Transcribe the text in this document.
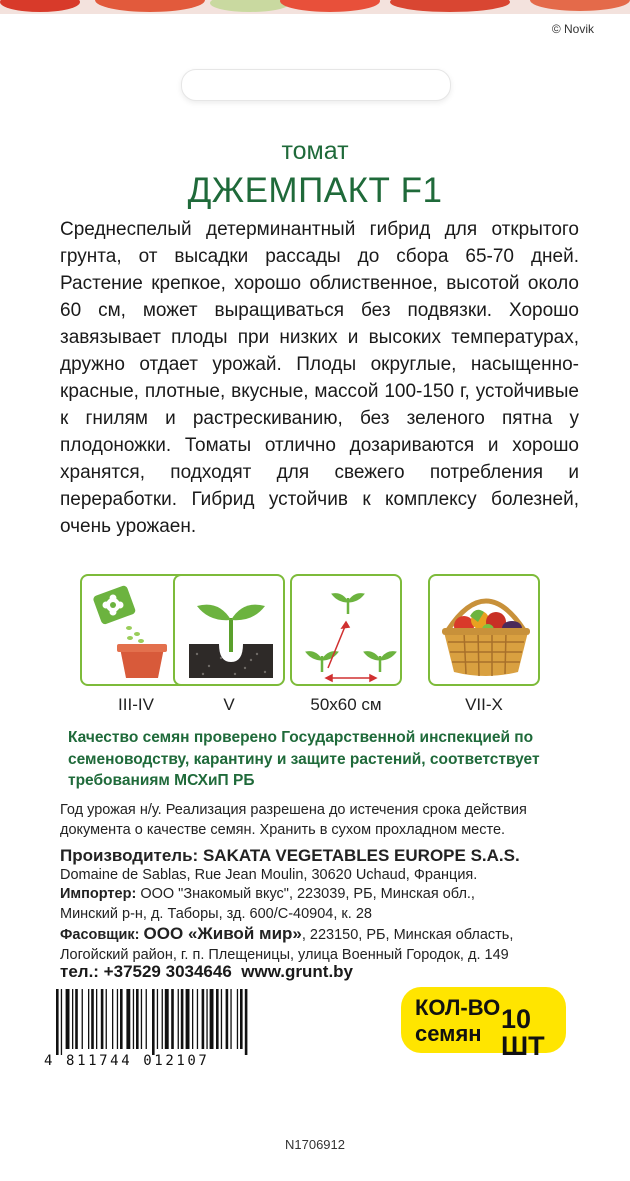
© Novik
томат
ДЖЕМПАКТ F1
Среднеспелый детерминантный гибрид для открытого грунта, от высадки рассады до сбора 65-70 дней. Растение крепкое, хорошо облиственное, высотой около 60 см, может выращиваться без подвязки. Хорошо завязывает плоды при низких и высоких температурах, дружно отдает урожай. Плоды округлые, насыщенно-красные, плотные, вкусные, массой 100-150 г, устойчивые к гнилям и растрескиванию, без зеленого пятна у плодоножки. Томаты отлично дозариваются и хорошо хранятся, подходят для свежего потребления и переработки. Гибрид устойчив к комплексу болезней, очень урожаен.
III-IV	V	50х60 см	VII-X
Качество семян проверено Государственной инспекцией по семеноводству, карантину и защите растений, соответствует требованиям МСХиП РБ
Год урожая н/у. Реализация разрешена до истечения срока действия документа о качестве семян. Хранить в сухом прохладном месте.
Производитель: SAKATA VEGETABLES EUROPE S.A.S.
Domaine de Sablas, Rue Jean Moulin, 30620 Uchaud, Франция.
Импортер: ООО "Знакомый вкус", 223039, РБ, Минская обл.,
Минский р-н, д. Таборы, зд. 600/С-40904, к. 28
Фасовщик: ООО «Живой мир», 223150, РБ, Минская область,
Логойский район, г. п. Плещеницы, улица Военный Городок, д. 149
тел.: +37529 3034646 www.grunt.by
4 811744 012107
КОЛ-ВО
семян 10 ШТ
N1706912
